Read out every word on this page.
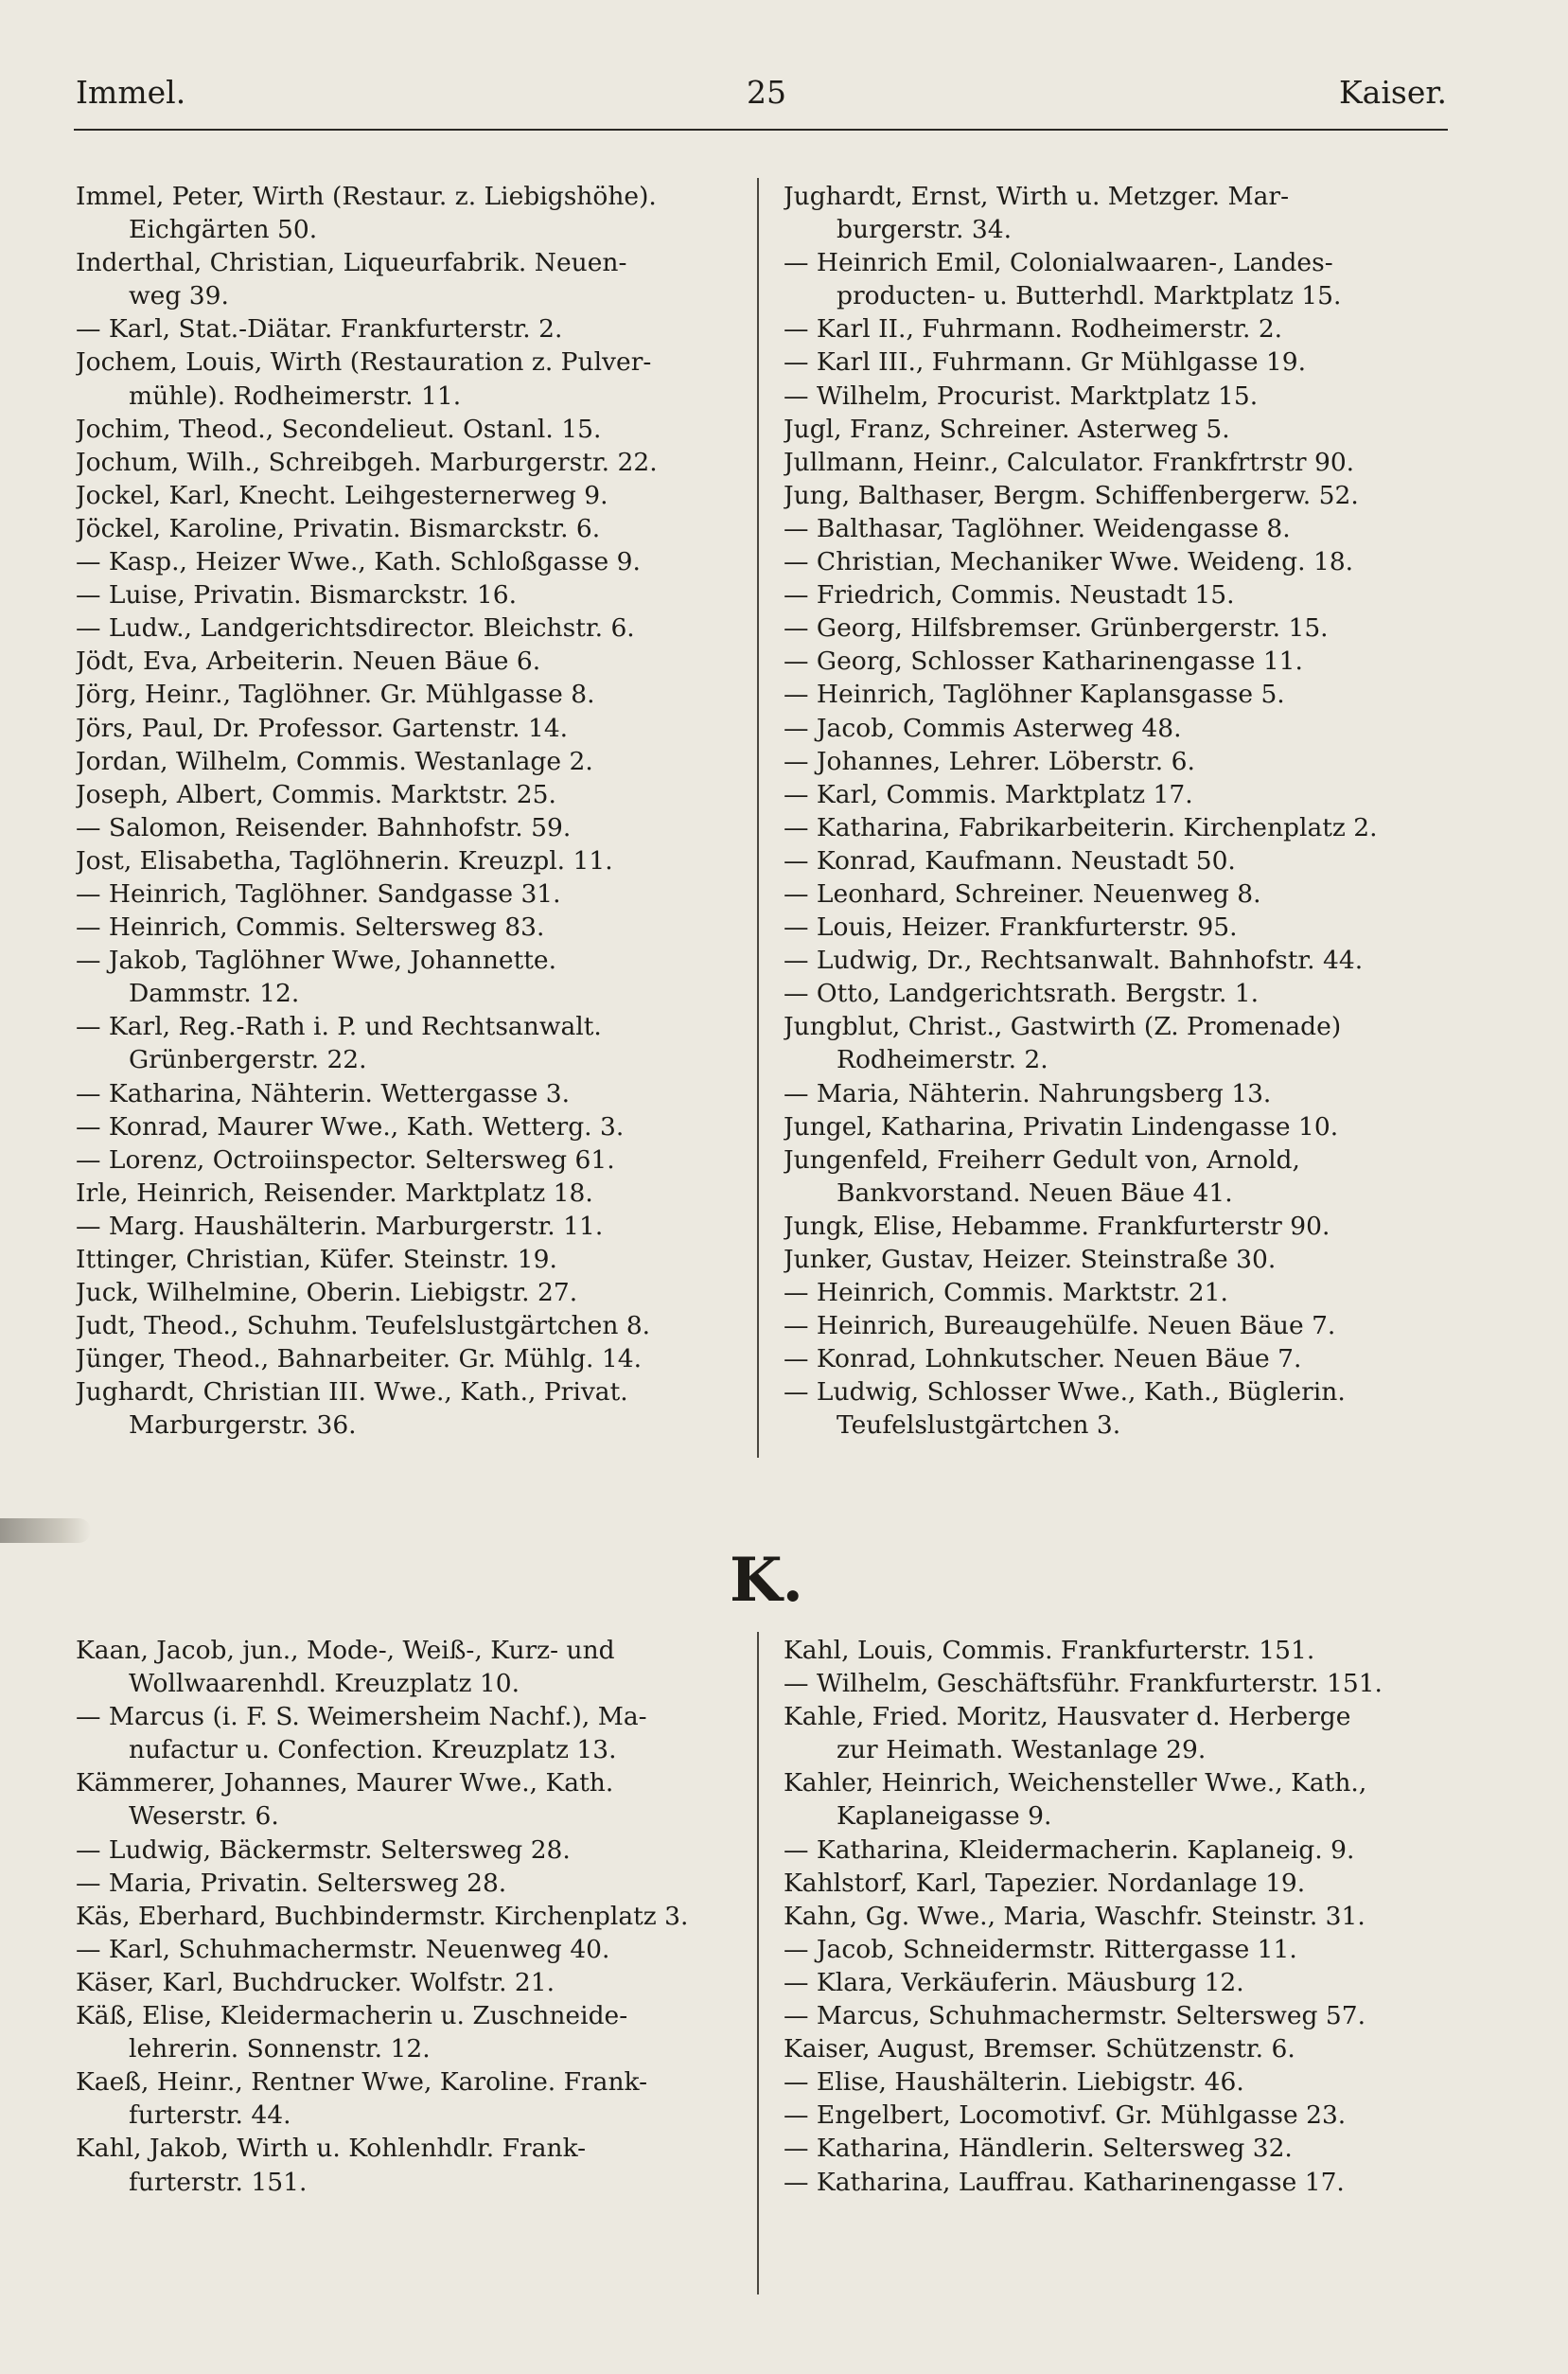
Immel.	25	Kaiser.
Immel, Peter, Wirth (Restaur. z. Liebigshöhe).
Eichgärten 50.
Inderthal, Christian, Liqueurfabrik. Neuen-
weg 39.
— Karl, Stat.-Diätar. Frankfurterstr. 2.
Jochem, Louis, Wirth (Restauration z. Pulver-
mühle). Rodheimerstr. 11.
Jochim, Theod., Secondelieut. Ostanl. 15.
Jochum, Wilh., Schreibgeh. Marburgerstr. 22.
Jockel, Karl, Knecht. Leihgesternerweg 9.
Jöckel, Karoline, Privatin. Bismarckstr. 6.
— Kasp., Heizer Wwe., Kath. Schloßgasse 9.
— Luise, Privatin. Bismarckstr. 16.
— Ludw., Landgerichtsdirector. Bleichstr. 6.
Jödt, Eva, Arbeiterin. Neuen Bäue 6.
Jörg, Heinr., Taglöhner. Gr. Mühlgasse 8.
Jörs, Paul, Dr. Professor. Gartenstr. 14.
Jordan, Wilhelm, Commis. Westanlage 2.
Joseph, Albert, Commis. Marktstr. 25.
— Salomon, Reisender. Bahnhofstr. 59.
Jost, Elisabetha, Taglöhnerin. Kreuzpl. 11.
— Heinrich, Taglöhner. Sandgasse 31.
— Heinrich, Commis. Seltersweg 83.
— Jakob, Taglöhner Wwe, Johannette.
Dammstr. 12.
— Karl, Reg.-Rath i. P. und Rechtsanwalt.
Grünbergerstr. 22.
— Katharina, Nähterin. Wettergasse 3.
— Konrad, Maurer Wwe., Kath. Wetterg. 3.
— Lorenz, Octroiinspector. Seltersweg 61.
Irle, Heinrich, Reisender. Marktplatz 18.
— Marg. Haushälterin. Marburgerstr. 11.
Ittinger, Christian, Küfer. Steinstr. 19.
Juck, Wilhelmine, Oberin. Liebigstr. 27.
Judt, Theod., Schuhm. Teufelslustgärtchen 8.
Jünger, Theod., Bahnarbeiter. Gr. Mühlg. 14.
Jughardt, Christian III. Wwe., Kath., Privat.
Marburgerstr. 36.
Jughardt, Ernst, Wirth u. Metzger. Mar-
burgerstr. 34.
— Heinrich Emil, Colonialwaaren-, Landes-
producten- u. Butterhdl. Marktplatz 15.
— Karl II., Fuhrmann. Rodheimerstr. 2.
— Karl III., Fuhrmann. Gr Mühlgasse 19.
— Wilhelm, Procurist. Marktplatz 15.
Jugl, Franz, Schreiner. Asterweg 5.
Jullmann, Heinr., Calculator. Frankfrtrstr 90.
Jung, Balthaser, Bergm. Schiffenbergerw. 52.
— Balthasar, Taglöhner. Weidengasse 8.
— Christian, Mechaniker Wwe. Weideng. 18.
— Friedrich, Commis. Neustadt 15.
— Georg, Hilfsbremser. Grünbergerstr. 15.
— Georg, Schlosser Katharinengasse 11.
— Heinrich, Taglöhner Kaplansgasse 5.
— Jacob, Commis Asterweg 48.
— Johannes, Lehrer. Löberstr. 6.
— Karl, Commis. Marktplatz 17.
— Katharina, Fabrikarbeiterin. Kirchenplatz 2.
— Konrad, Kaufmann. Neustadt 50.
— Leonhard, Schreiner. Neuenweg 8.
— Louis, Heizer. Frankfurterstr. 95.
— Ludwig, Dr., Rechtsanwalt. Bahnhofstr. 44.
— Otto, Landgerichtsrath. Bergstr. 1.
Jungblut, Christ., Gastwirth (Z. Promenade)
Rodheimerstr. 2.
— Maria, Nähterin. Nahrungsberg 13.
Jungel, Katharina, Privatin Lindengasse 10.
Jungenfeld, Freiherr Gedult von, Arnold,
Bankvorstand. Neuen Bäue 41.
Jungk, Elise, Hebamme. Frankfurterstr 90.
Junker, Gustav, Heizer. Steinstraße 30.
— Heinrich, Commis. Marktstr. 21.
— Heinrich, Bureaugehülfe. Neuen Bäue 7.
— Konrad, Lohnkutscher. Neuen Bäue 7.
— Ludwig, Schlosser Wwe., Kath., Büglerin.
Teufelslustgärtchen 3.
K.
Kaan, Jacob, jun., Mode-, Weiß-, Kurz- und
Wollwaarenhdl. Kreuzplatz 10.
— Marcus (i. F. S. Weimersheim Nachf.), Ma-
nufactur u. Confection. Kreuzplatz 13.
Kämmerer, Johannes, Maurer Wwe., Kath.
Weserstr. 6.
— Ludwig, Bäckermstr. Seltersweg 28.
— Maria, Privatin. Seltersweg 28.
Käs, Eberhard, Buchbindermstr. Kirchenplatz 3.
— Karl, Schuhmachermstr. Neuenweg 40.
Käser, Karl, Buchdrucker. Wolfstr. 21.
Käß, Elise, Kleidermacherin u. Zuschneide-
lehrerin. Sonnenstr. 12.
Kaeß, Heinr., Rentner Wwe, Karoline. Frank-
furterstr. 44.
Kahl, Jakob, Wirth u. Kohlenhdlr. Frank-
furterstr. 151.
Kahl, Louis, Commis. Frankfurterstr. 151.
— Wilhelm, Geschäftsführ. Frankfurterstr. 151.
Kahle, Fried. Moritz, Hausvater d. Herberge
zur Heimath. Westanlage 29.
Kahler, Heinrich, Weichensteller Wwe., Kath.,
Kaplaneigasse 9.
— Katharina, Kleidermacherin. Kaplaneig. 9.
Kahlstorf, Karl, Tapezier. Nordanlage 19.
Kahn, Gg. Wwe., Maria, Waschfr. Steinstr. 31.
— Jacob, Schneidermstr. Rittergasse 11.
— Klara, Verkäuferin. Mäusburg 12.
— Marcus, Schuhmachermstr. Seltersweg 57.
Kaiser, August, Bremser. Schützenstr. 6.
— Elise, Haushälterin. Liebigstr. 46.
— Engelbert, Locomotivf. Gr. Mühlgasse 23.
— Katharina, Händlerin. Seltersweg 32.
— Katharina, Lauffrau. Katharinengasse 17.
